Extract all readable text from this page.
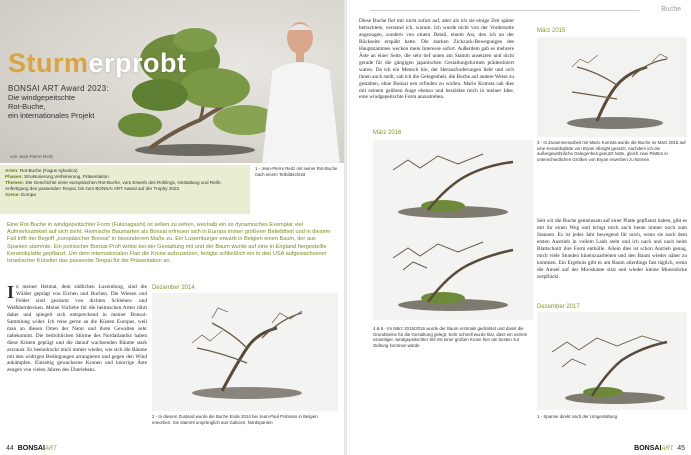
Sturmerprobt
BONSAI ART Award 2023:
Die windgepeitschte
Rot-Buche,
ein internationales Projekt
von Jean-Pierre Reitz
Arten: Rot-Buche (Fagus sylvatica)
Phasen: Strukturierung,Verfeinerung, Präsentation
Themen: Die Geschichte einer europäischen Rot-Buche, vom Erwerb des Rohlings, Gestaltung und Reife, Anfertigung des passenden Tenpai, bis zum BONSAI ART Award auf der Trophy 2023
Szene: Europa
1 - Jean-Pierre Reitz mit seiner Rot-Buche nach einem Teilbildschnitt
Eine Rot-Buche in windgepeitschter Form (Fukinagashi) ist selten zu sehen, weshalb ein so dynamisches Exemplar viel Aufmerksamkeit auf sich zieht. Heimische Baumarten als Bonsai erfreuen sich in Europa immer größerer Beliebtheit und in diesem Fall trifft der Begriff „europäischer Bonsai“ in besonderem Maße zu. Ein Luxemburger erwarb in Belgien einen Baum, der aus Spanien stammte. Ein polnischer Bonsai-Profi wirkte bei der Gestaltung mit und der Baum wurde auf eine in England hergestellte Keramikplatte gepflanzt. Um dem internationalen Flair die Krone aufzusetzen, fertigte schließlich ein in den USA aufgewachsener israelischer Künstler das passende Tenpai für die Präsentation an.
In meiner Heimat, dem südlichen Luxemburg, sind die Wälder geprägt von Eichen und Buchen. Die Wiesen und Felder sind gesäumt von dichten Schlehen- und Weißdornhecken. Meine Vorliebe für die heimischen Arten rührt daher und spiegelt sich entsprechend in meiner Bonsai-Sammlung wider. Ich reise gerne an die Küsten Europas, weil man an diesen Orten der Natur und ihren Gewalten sehr nahekommt. Die bedrohlichen Stürme des Nordatlantiks haben diese Küsten geprägt und die darauf wachsenden Bäume stark zerzaust. Es beeindruckt mich immer wieder, wie sich die Bäume mit den widrigen Bedingungen arrangieren und gegen den Wind ankämpfen. Einseitig gewachsene Kronen und knorrige Äste zeugen von vielen Jahren des Überlebens.
Dezember 2014
2 - In diesem Zustand wurde die Buche Ende 2014 bei Jean-Paul Polmans in Belgien erworben. Sie stammt ursprünglich aus Galicien, Nordspanien
44 BONSAIART
Buche
Diese Buche fiel mir nicht sofort auf, aber als ich sie einige Zeit später betrachtete, verstand ich, warum. Ich wurde nicht von der Vorderseite angezogen, sondern von einem Detail, einem Ast, den ich an der Rückseite erspäht hatte. Die starken Zickzack-Bewegungen des Hauptstammes wecken mein Interesse sofort. Außerdem gab es mehrere Äste an einer Seite, die sehr tief unten am Stamm ansetzten und nicht gerade für die gängigen japanischen Gestaltungsformen prädestiniert waren. Da ich ein Mensch bin, der Herausforderungen liebt und sich ihnen auch stellt, sah ich die Gelegenheit, die Buche auf andere Weise zu gestalten, ohne Bonsai neu erfinden zu wollen. Mario Komsta sah dies mit seinem geübten Auge ebenso und bestärkte mich in meiner Idee, eine windgepeitschte Form anzustreben.
März 2015
3 - In Zusammenarbeit mit Mario Komsta wurde die Buche im März 2015 auf eine Keramikplatte von Bryan Albright gesetzt, nachdem ich die außergewöhnliche Gelegenheit genutzt hatte, gleich zwei Platten in unterschiedlichen Größen von Bryan erwerben zu können
März 2016
4 & 5 - Im März 2015/2016 wurde der Baum erstmals gedrahtet und damit die Grundsteine für die Gestaltung gelegt. Sehr schnell wurde klar, dass ein extrem einseitiger, windgepeitschter Stil mit einer großen Krone hier am besten zur Geltung kommen würde
Seit wir die Buche gemeinsam auf einer Platte gepflanzt haben, gibt es mit ihr einen Weg und bringt mich auch heute immer noch zum Staunen. Es ist jedes Jahr bewegend für mich, wenn sie nach dem ersten Austrieb in vollem Laub steht und ich nach und nach beim Blattschnitt ihre Form enthülle. Allein dies ist schon Antrieb genug, mich viele Stunden hineinzuarbeiten und den Baum wieder näher zu kommen. Ein Ergebnis gibt es am Baum allerdings fast täglich, wenn die Amsel auf der Mooskante sitzt und wieder kleine Moosstücke zerpflückt.
Dezember 2017
1 - Spanne direkt nach der Umgestaltung
BONSAIART 45
